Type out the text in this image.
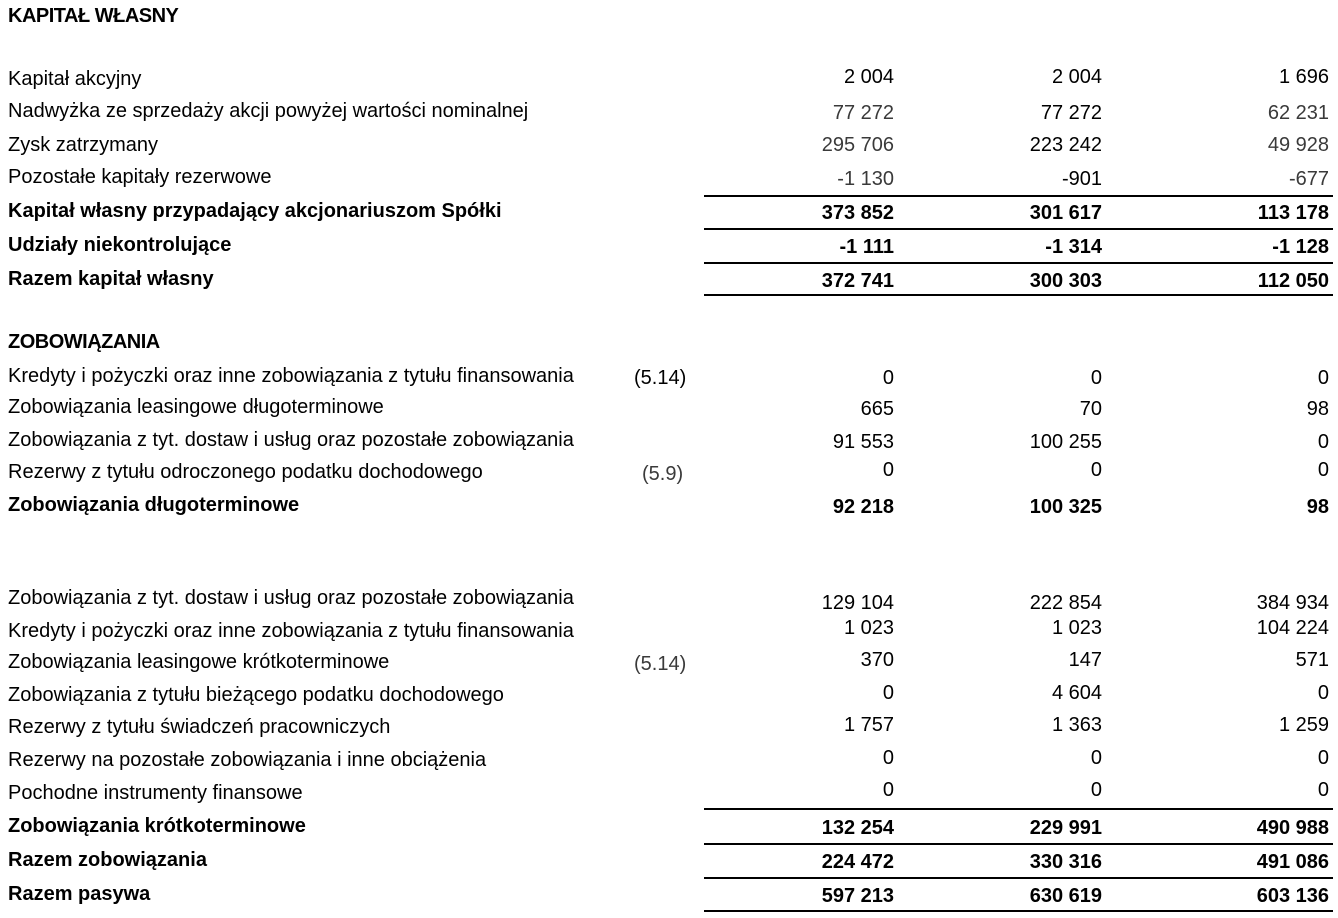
KAPITAŁ WŁASNY
Kapitał akcyjny	2 004	2 004	1 696
Nadwyżka ze sprzedaży akcji powyżej wartości nominalnej	77 272	77 272	62 231
Zysk zatrzymany	295 706	223 242	49 928
Pozostałe kapitały rezerwowe	-1 130	-901	-677
Kapitał własny przypadający akcjonariuszom Spółki	373 852	301 617	113 178
Udziały niekontrolujące	-1 111	-1 314	-1 128
Razem kapitał własny	372 741	300 303	112 050
ZOBOWIĄZANIA
Kredyty i pożyczki oraz inne zobowiązania z tytułu finansowania	(5.14)	0	0	0
Zobowiązania leasingowe długoterminowe	665	70	98
Zobowiązania z tyt. dostaw i usług oraz pozostałe zobowiązania	91 553	100 255	0
Rezerwy z tytułu odroczonego podatku dochodowego	(5.9)	0	0	0
Zobowiązania długoterminowe	92 218	100 325	98
Zobowiązania z tyt. dostaw i usług oraz pozostałe zobowiązania	129 104	222 854	384 934
Kredyty i pożyczki oraz inne zobowiązania z tytułu finansowania	1 023	1 023	104 224
Zobowiązania leasingowe krótkoterminowe	(5.14)	370	147	571
Zobowiązania z tytułu bieżącego podatku dochodowego	0	4 604	0
Rezerwy z tytułu świadczeń pracowniczych	1 757	1 363	1 259
Rezerwy na pozostałe zobowiązania i inne obciążenia	0	0	0
Pochodne instrumenty finansowe	0	0	0
Zobowiązania krótkoterminowe	132 254	229 991	490 988
Razem zobowiązania	224 472	330 316	491 086
Razem pasywa	597 213	630 619	603 136
